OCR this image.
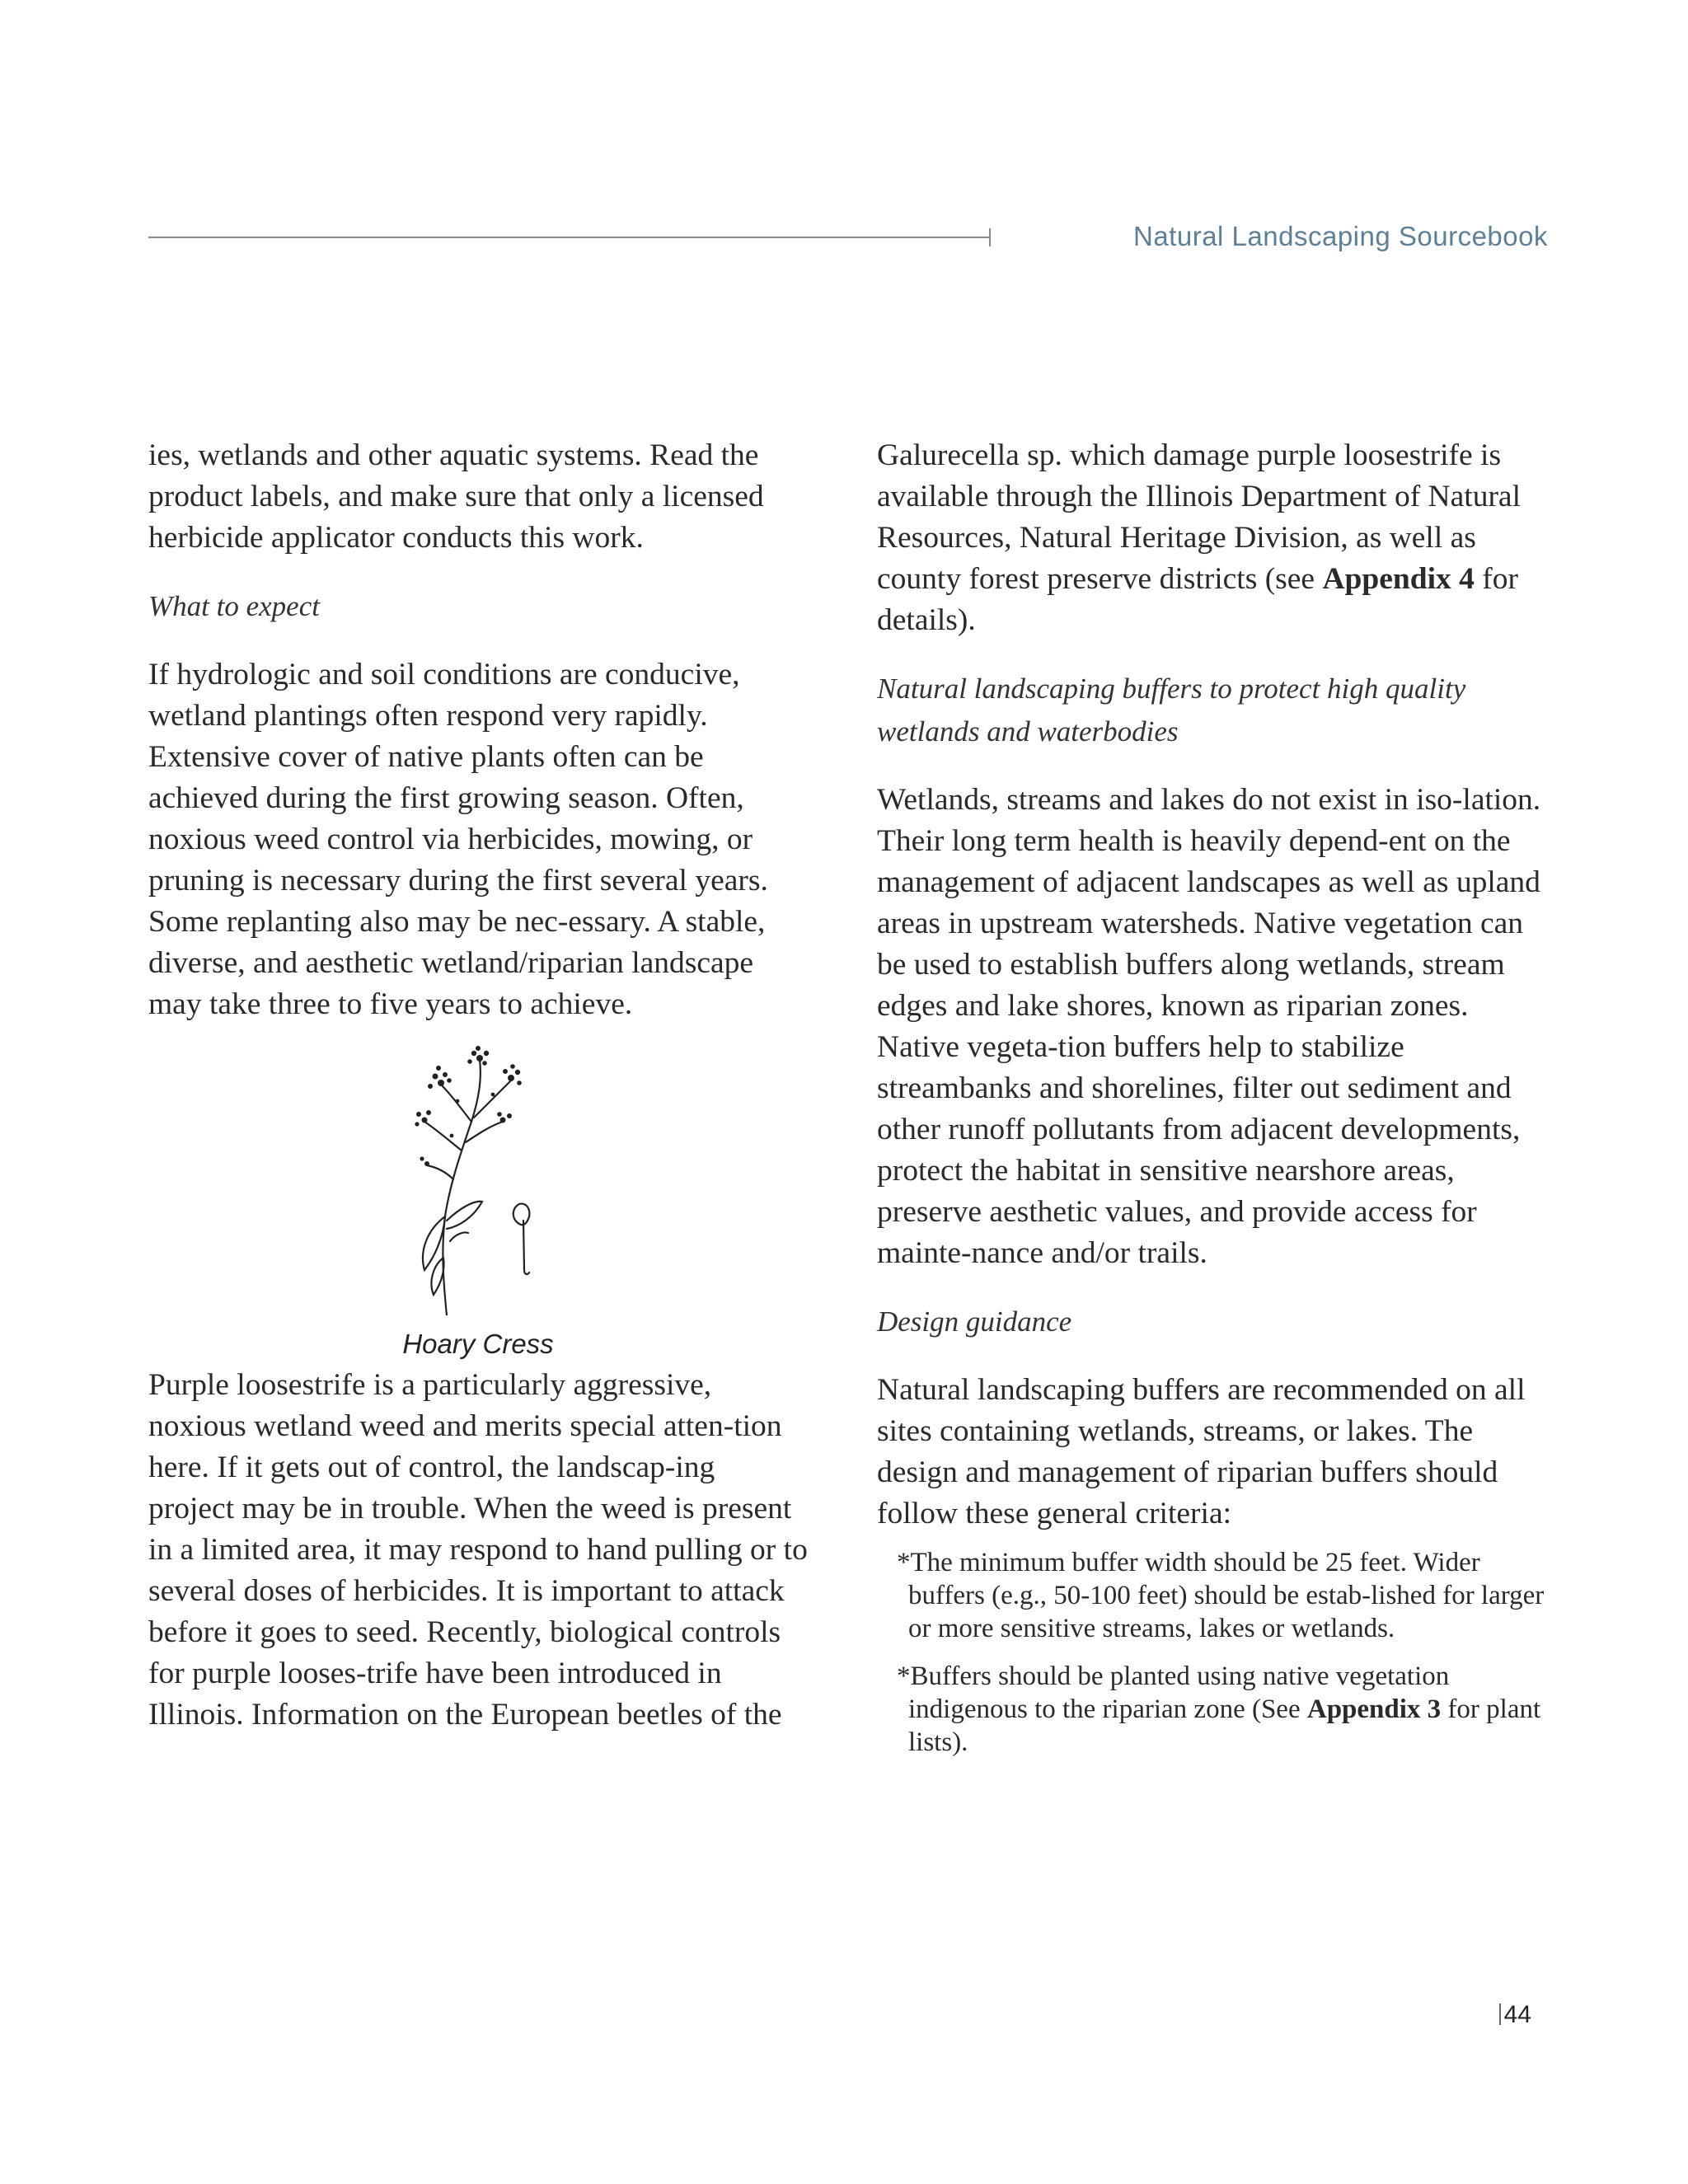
Natural Landscaping Sourcebook

ies, wetlands and other aquatic systems. Read the product labels, and make sure that only a licensed herbicide applicator conducts this work.

What to expect

If hydrologic and soil conditions are conducive, wetland plantings often respond very rapidly. Extensive cover of native plants often can be achieved during the first growing season. Often, noxious weed control via herbicides, mowing, or pruning is necessary during the first several years. Some replanting also may be nec-essary. A stable, diverse, and aesthetic wetland/riparian landscape may take three to five years to achieve.

Hoary Cress

Purple loosestrife is a particularly aggressive, noxious wetland weed and merits special atten-tion here. If it gets out of control, the landscap-ing project may be in trouble. When the weed is present in a limited area, it may respond to hand pulling or to several doses of herbicides. It is important to attack before it goes to seed. Recently, biological controls for purple looses-trife have been introduced in Illinois. Information on the European beetles of the

Galurecella sp. which damage purple loosestrife is available through the Illinois Department of Natural Resources, Natural Heritage Division, as well as county forest preserve districts (see Appendix 4 for details).

Natural landscaping buffers to protect high quality wetlands and waterbodies

Wetlands, streams and lakes do not exist in iso-lation. Their long term health is heavily depend-ent on the management of adjacent landscapes as well as upland areas in upstream watersheds. Native vegetation can be used to establish buffers along wetlands, stream edges and lake shores, known as riparian zones. Native vegeta-tion buffers help to stabilize streambanks and shorelines, filter out sediment and other runoff pollutants from adjacent developments, protect the habitat in sensitive nearshore areas, preserve aesthetic values, and provide access for mainte-nance and/or trails.

Design guidance

Natural landscaping buffers are recommended on all sites containing wetlands, streams, or lakes. The design and management of riparian buffers should follow these general criteria:

*The minimum buffer width should be 25 feet. Wider buffers (e.g., 50-100 feet) should be estab-lished for larger or more sensitive streams, lakes or wetlands.

*Buffers should be planted using native vegetation indigenous to the riparian zone (See Appendix 3 for plant lists).

44
